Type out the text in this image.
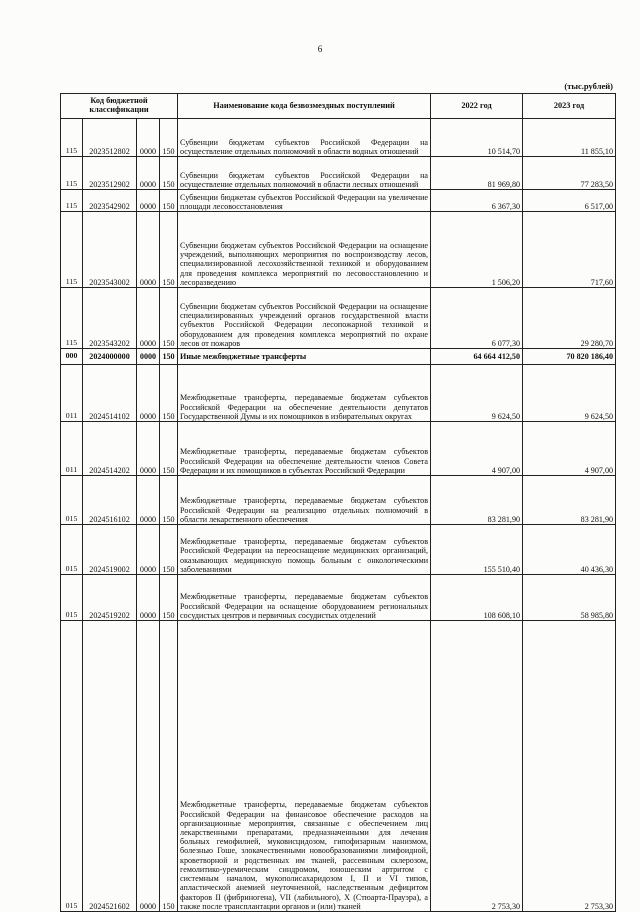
6
(тыс.рублей)
Код бюджетной классификации				Наименование кода безвозмездных поступлений	2022 год	2023 год
115	2023512802	0000	150	Субвенции бюджетам субъектов Российской Федерации на осуществление отдельных полномочий в области водных отношений	10 514,70	11 855,10
115	2023512902	0000	150	Субвенции бюджетам субъектов Российской Федерации на осуществление отдельных полномочий в области лесных отношений	81 969,80	77 283,50
115	2023542902	0000	150	Субвенции бюджетам субъектов Российской Федерации на увеличение площади лесовосстановления	6 367,30	6 517,00
115	2023543002	0000	150	Субвенции бюджетам субъектов Российской Федерации на оснащение учреждений, выполняющих мероприятия по воспроизводству лесов, специализированной лесохозяйственной техникой и оборудованием для проведения комплекса мероприятий по лесовосстановлению и лесоразведению	1 506,20	717,60
115	2023543202	0000	150	Субвенции бюджетам субъектов Российской Федерации на оснащение специализированных учреждений органов государственной власти субъектов Российской Федерации лесопожарной техникой и оборудованием для проведения комплекса мероприятий по охране лесов от пожаров	6 077,30	29 280,70
000	2024000000	0000	150	Иные межбюджетные трансферты	64 664 412,50	70 820 186,40
011	2024514102	0000	150	Межбюджетные трансферты, передаваемые бюджетам субъектов Российской Федерации на обеспечение деятельности депутатов Государственной Думы и их помощников в избирательных округах	9 624,50	9 624,50
011	2024514202	0000	150	Межбюджетные трансферты, передаваемые бюджетам субъектов Российской Федерации на обеспечение деятельности членов Совета Федерации и их помощников в субъектах Российской Федерации	4 907,00	4 907,00
015	2024516102	0000	150	Межбюджетные трансферты, передаваемые бюджетам субъектов Российской Федерации на реализацию отдельных полномочий в области лекарственного обеспечения	83 281,90	83 281,90
015	2024519002	0000	150	Межбюджетные трансферты, передаваемые бюджетам субъектов Российской Федерации на переоснащение медицинских организаций, оказывающих медицинскую помощь больным с онкологическими заболеваниями	155 510,40	40 436,30
015	2024519202	0000	150	Межбюджетные трансферты, передаваемые бюджетам субъектов Российской Федерации на оснащение оборудованием региональных сосудистых центров и первичных сосудистых отделений	108 608,10	58 985,80
015	2024521602	0000	150	Межбюджетные трансферты, передаваемые бюджетам субъектов Российской Федерации на финансовое обеспечение расходов на организационные мероприятия, связанные с обеспечением лиц лекарственными препаратами, предназначенными для лечения больных гемофилией, муковисцидозом, гипофизарным нанизмом, болезнью Гоше, злокачественными новообразованиями лимфоидной, кроветворной и родственных им тканей, рассеянным склерозом, гемолитико-уремическим синдромом, юношеским артритом с системным началом, мукополисахаридозом I, II и VI типов, апластической анемией неуточненной, наследственным дефицитом факторов II (фибриногена), VII (лабильного), X (Стюарта-Прауэра), а также после трансплантации органов и (или) тканей	2 753,30	2 753,30
